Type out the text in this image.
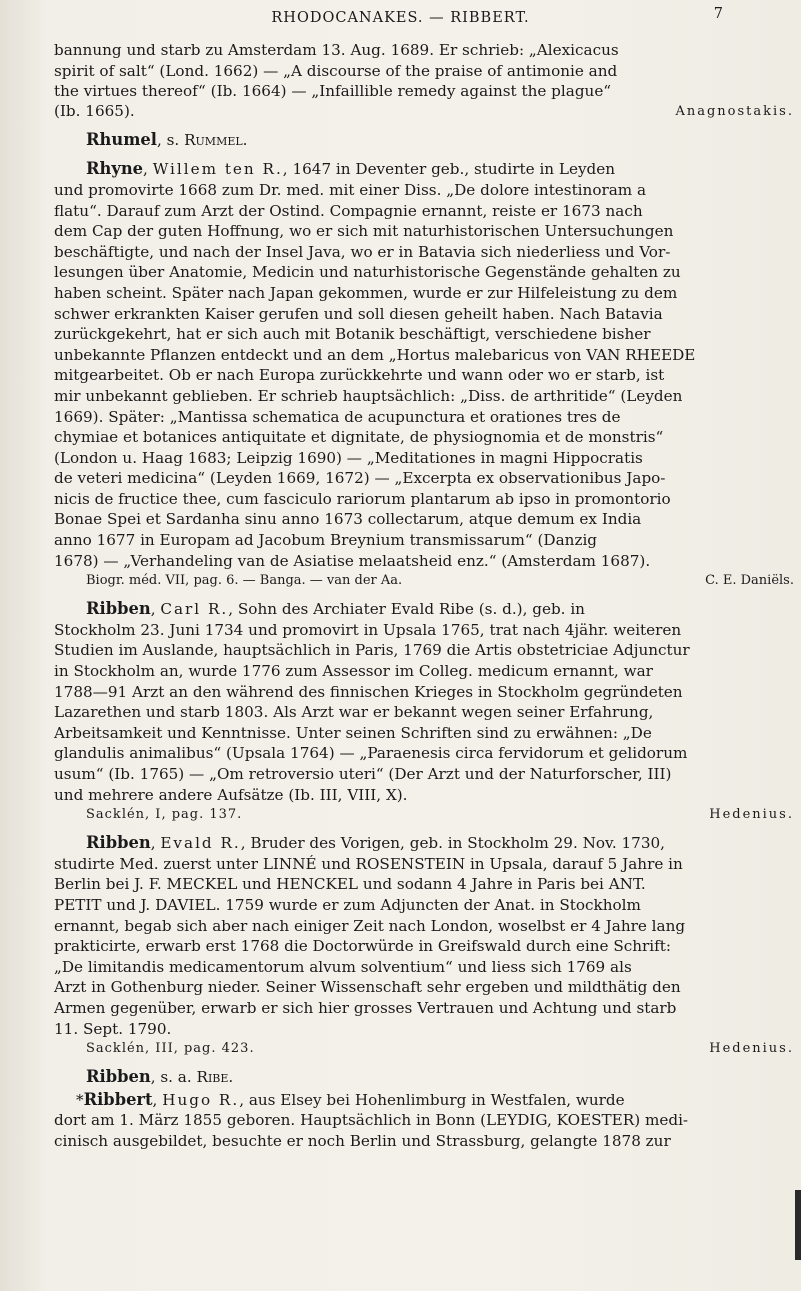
RHODOCANAKES. — RIBBERT.	7

bannung und starb zu Amsterdam 13. Aug. 1689. Er schrieb: „Alexicacus

spirit of salt“ (Lond. 1662) — „A discourse of the praise of antimonie and

the virtues thereof“ (Ib. 1664) — „Infaillible remedy against the plague“

(Ib. 1665).	Anagnostakis.

Rhumel, s. Rummel.

Rhyne, Willem ten R., 1647 in Deventer geb., studirte in Leyden

und promovirte 1668 zum Dr. med. mit einer Diss. „De dolore intestinoram a

flatu“. Darauf zum Arzt der Ostind. Compagnie ernannt, reiste er 1673 nach

dem Cap der guten Hoffnung, wo er sich mit naturhistorischen Untersuchungen

beschäftigte, und nach der Insel Java, wo er in Batavia sich niederliess und Vor-

lesungen über Anatomie, Medicin und naturhistorische Gegenstände gehalten zu

haben scheint. Später nach Japan gekommen, wurde er zur Hilfeleistung zu dem

schwer erkrankten Kaiser gerufen und soll diesen geheilt haben. Nach Batavia

zurückgekehrt, hat er sich auch mit Botanik beschäftigt, verschiedene bisher

unbekannte Pflanzen entdeckt und an dem „Hortus malebaricus von VAN RHEEDE

mitgearbeitet. Ob er nach Europa zurückkehrte und wann oder wo er starb, ist

mir unbekannt geblieben. Er schrieb hauptsächlich: „Diss. de arthritide“ (Leyden

1669). Später: „Mantissa schematica de acupunctura et orationes tres de

chymiae et botanices antiquitate et dignitate, de physiognomia et de monstris“

(London u. Haag 1683; Leipzig 1690) — „Meditationes in magni Hippocratis

de veteri medicina“ (Leyden 1669, 1672) — „Excerpta ex observationibus Japo-

nicis de fructice thee, cum fasciculo rariorum plantarum ab ipso in promontorio

Bonae Spei et Sardanha sinu anno 1673 collectarum, atque demum ex India

anno 1677 in Europam ad Jacobum Breynium transmissarum“ (Danzig

1678) — „Verhandeling van de Asiatise melaatsheid enz.“ (Amsterdam 1687).

Biogr. méd. VII, pag. 6. — Banga. — van der Aa.	C. E. Daniëls.

Ribben, Carl R., Sohn des Archiater Evald Ribe (s. d.), geb. in

Stockholm 23. Juni 1734 und promovirt in Upsala 1765, trat nach 4jähr. weiteren

Studien im Auslande, hauptsächlich in Paris, 1769 die Artis obstetriciae Adjunctur

in Stockholm an, wurde 1776 zum Assessor im Colleg. medicum ernannt, war

1788—91 Arzt an den während des finnischen Krieges in Stockholm gegründeten

Lazarethen und starb 1803. Als Arzt war er bekannt wegen seiner Erfahrung,

Arbeitsamkeit und Kenntnisse. Unter seinen Schriften sind zu erwähnen: „De

glandulis animalibus“ (Upsala 1764) — „Paraenesis circa fervidorum et gelidorum

usum“ (Ib. 1765) — „Om retroversio uteri“ (Der Arzt und der Naturforscher, III)

und mehrere andere Aufsätze (Ib. III, VIII, X).

Sacklén, I, pag. 137.	Hedenius.

Ribben, Evald R., Bruder des Vorigen, geb. in Stockholm 29. Nov. 1730,

studirte Med. zuerst unter LINNÉ und ROSENSTEIN in Upsala, darauf 5 Jahre in

Berlin bei J. F. MECKEL und HENCKEL und sodann 4 Jahre in Paris bei ANT.

PETIT und J. DAVIEL. 1759 wurde er zum Adjuncten der Anat. in Stockholm

ernannt, begab sich aber nach einiger Zeit nach London, woselbst er 4 Jahre lang

prakticirte, erwarb erst 1768 die Doctorwürde in Greifswald durch eine Schrift:

„De limitandis medicamentorum alvum solventium“ und liess sich 1769 als

Arzt in Gothenburg nieder. Seiner Wissenschaft sehr ergeben und mildthätig den

Armen gegenüber, erwarb er sich hier grosses Vertrauen und Achtung und starb

11. Sept. 1790.

Sacklén, III, pag. 423.	Hedenius.

Ribben, s. a. Ribe.

*Ribbert, Hugo R., aus Elsey bei Hohenlimburg in Westfalen, wurde

dort am 1. März 1855 geboren. Hauptsächlich in Bonn (LEYDIG, KOESTER) medi-

cinisch ausgebildet, besuchte er noch Berlin und Strassburg, gelangte 1878 zur
